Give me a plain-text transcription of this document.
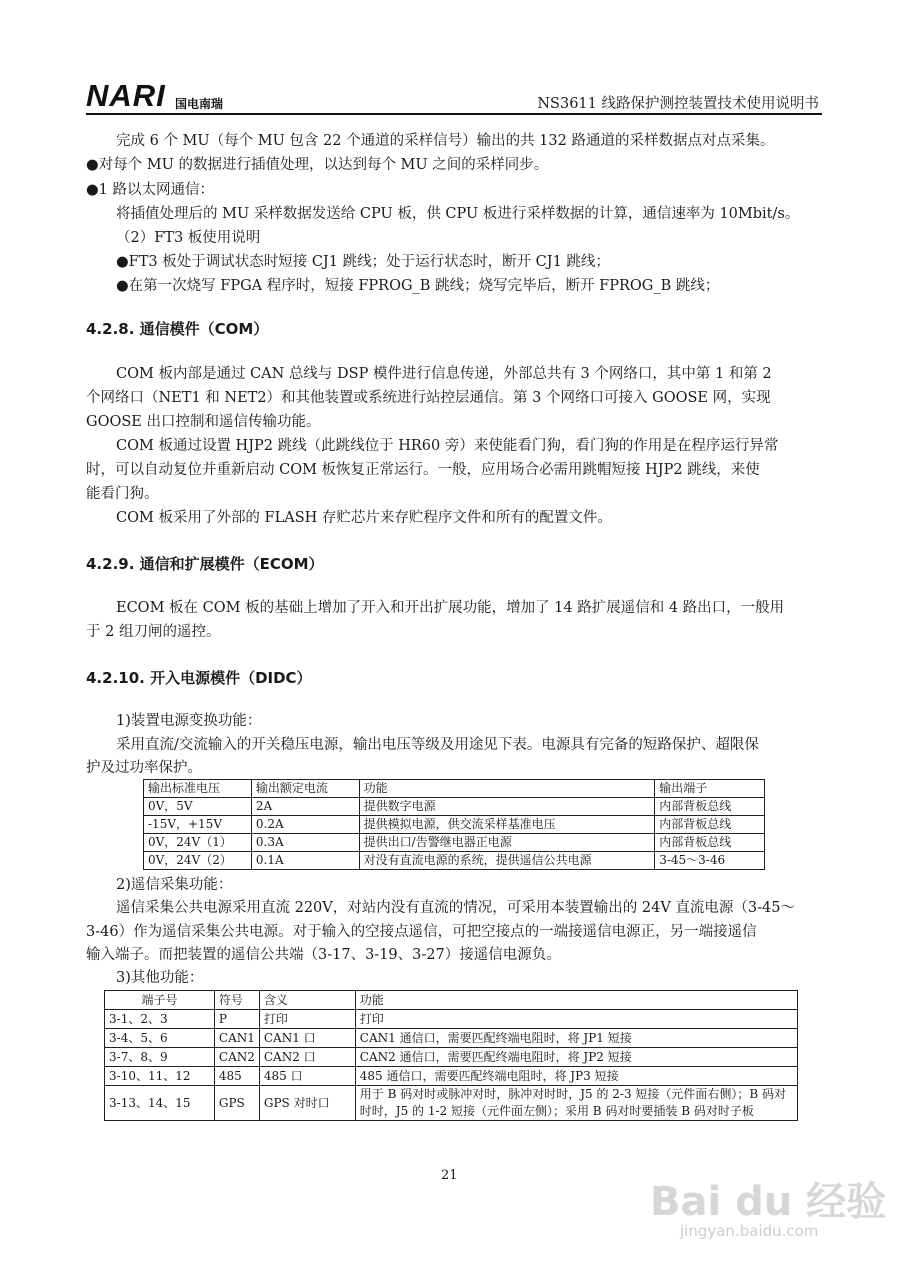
NARI 国电南瑞	NS3611 线路保护测控装置技术使用说明书
完成 6 个 MU（每个 MU 包含 22 个通道的采样信号）输出的共 132 路通道的采样数据点对点采集。
●对每个 MU 的数据进行插值处理，以达到每个 MU 之间的采样同步。
●1 路以太网通信：
将插值处理后的 MU 采样数据发送给 CPU 板，供 CPU 板进行采样数据的计算，通信速率为 10Mbit/s。
（2）FT3 板使用说明
●FT3 板处于调试状态时短接 CJ1 跳线；处于运行状态时，断开 CJ1 跳线；
●在第一次烧写 FPGA 程序时，短接 FPROG_B 跳线；烧写完毕后，断开 FPROG_B 跳线；
4.2.8. 通信模件（COM）
COM 板内部是通过 CAN 总线与 DSP 模件进行信息传递，外部总共有 3 个网络口，其中第 1 和第 2
个网络口（NET1 和 NET2）和其他装置或系统进行站控层通信。第 3 个网络口可接入 GOOSE 网，实现
GOOSE 出口控制和遥信传输功能。
COM 板通过设置 HJP2 跳线（此跳线位于 HR60 旁）来使能看门狗，看门狗的作用是在程序运行异常
时，可以自动复位并重新启动 COM 板恢复正常运行。一般，应用场合必需用跳帽短接 HJP2 跳线，来使
能看门狗。
COM 板采用了外部的 FLASH 存贮芯片来存贮程序文件和所有的配置文件。
4.2.9. 通信和扩展模件（ECOM）
ECOM 板在 COM 板的基础上增加了开入和开出扩展功能，增加了 14 路扩展遥信和 4 路出口，一般用
于 2 组刀闸的遥控。
4.2.10. 开入电源模件（DIDC）
1)装置电源变换功能：
采用直流/交流输入的开关稳压电源，输出电压等级及用途见下表。电源具有完备的短路保护、超限保
护及过功率保护。
输出标准电压	输出额定电流	功能	输出端子
0V，5V	2A	提供数字电源	内部背板总线
-15V，+15V	0.2A	提供模拟电源，供交流采样基准电压	内部背板总线
0V，24V（1）	0.3A	提供出口/告警继电器正电源	内部背板总线
0V，24V（2）	0.1A	对没有直流电源的系统，提供遥信公共电源	3-45～3-46
2)遥信采集功能：
遥信采集公共电源采用直流 220V，对站内没有直流的情况，可采用本装置输出的 24V 直流电源（3-45～
3-46）作为遥信采集公共电源。对于输入的空接点遥信，可把空接点的一端接遥信电源正，另一端接遥信
输入端子。而把装置的遥信公共端（3-17、3-19、3-27）接遥信电源负。
3)其他功能：
端子号	符号	含义	功能
3-1、2、3	P	打印	打印
3-4、5、6	CAN1	CAN1 口	CAN1 通信口，需要匹配终端电阻时，将 JP1 短接
3-7、8、9	CAN2	CAN2 口	CAN2 通信口，需要匹配终端电阻时，将 JP2 短接
3-10、11、12	485	485 口	485 通信口，需要匹配终端电阻时，将 JP3 短接
3-13、14、15	GPS	GPS 对时口	用于 B 码对时或脉冲对时，脉冲对时时，J5 的 2-3 短接（元件面右侧）；B 码对时时，J5 的 1-2 短接（元件面左侧）；采用 B 码对时要插装 B 码对时子板
21
Bai du 经验
jingyan.baidu.com
